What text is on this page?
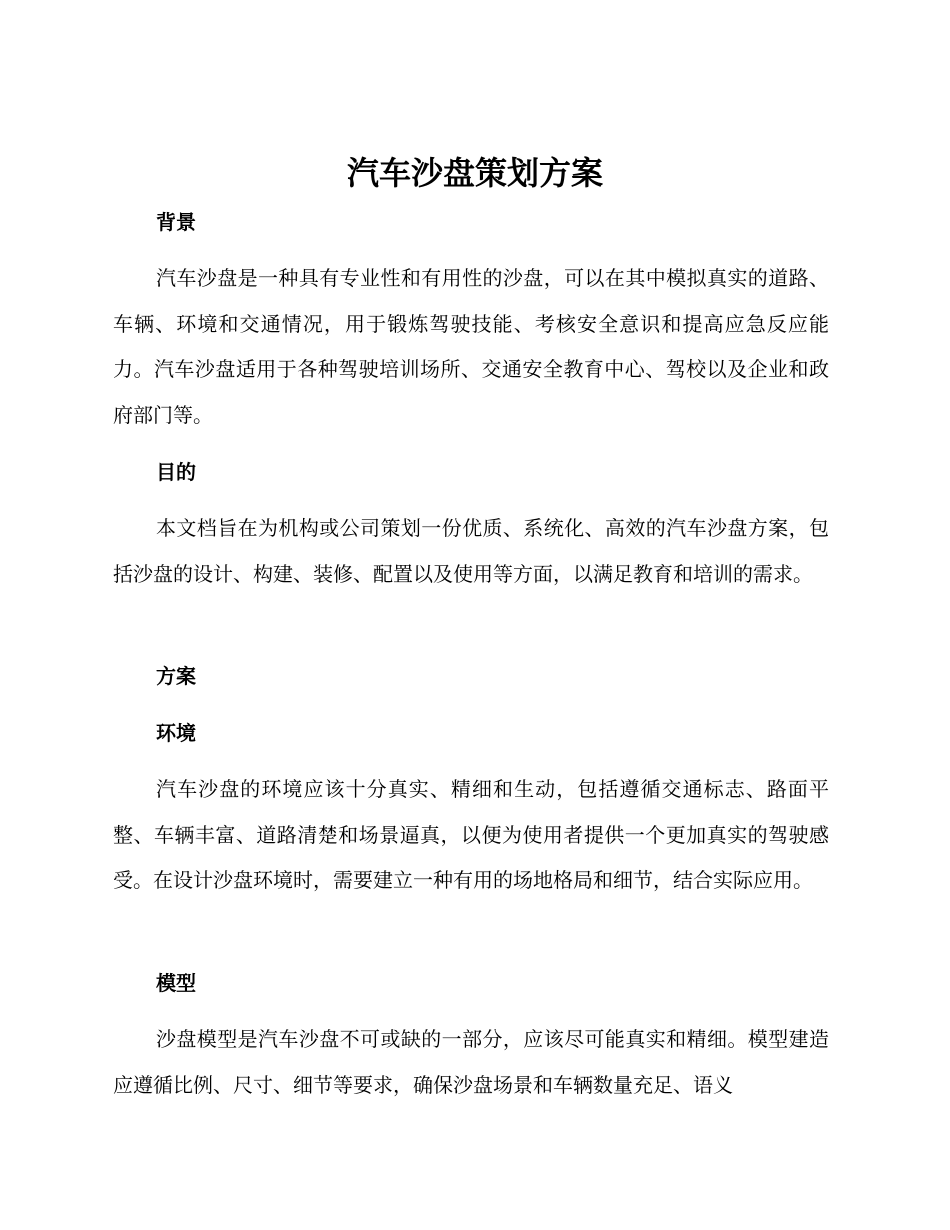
汽车沙盘策划方案
背景

汽车沙盘是一种具有专业性和有用性的沙盘，可以在其中模拟真实的道路、车辆、环境和交通情况，用于锻炼驾驶技能、考核安全意识和提高应急反应能力。汽车沙盘适用于各种驾驶培训场所、交通安全教育中心、驾校以及企业和政府部门等。

目的

本文档旨在为机构或公司策划一份优质、系统化、高效的汽车沙盘方案，包括沙盘的设计、构建、装修、配置以及使用等方面，以满足教育和培训的需求。

方案
环境

汽车沙盘的环境应该十分真实、精细和生动，包括遵循交通标志、路面平整、车辆丰富、道路清楚和场景逼真，以便为使用者提供一个更加真实的驾驶感受。在设计沙盘环境时，需要建立一种有用的场地格局和细节，结合实际应用。

模型

沙盘模型是汽车沙盘不可或缺的一部分，应该尽可能真实和精细。模型建造应遵循比例、尺寸、细节等要求，确保沙盘场景和车辆数量充足、语义
